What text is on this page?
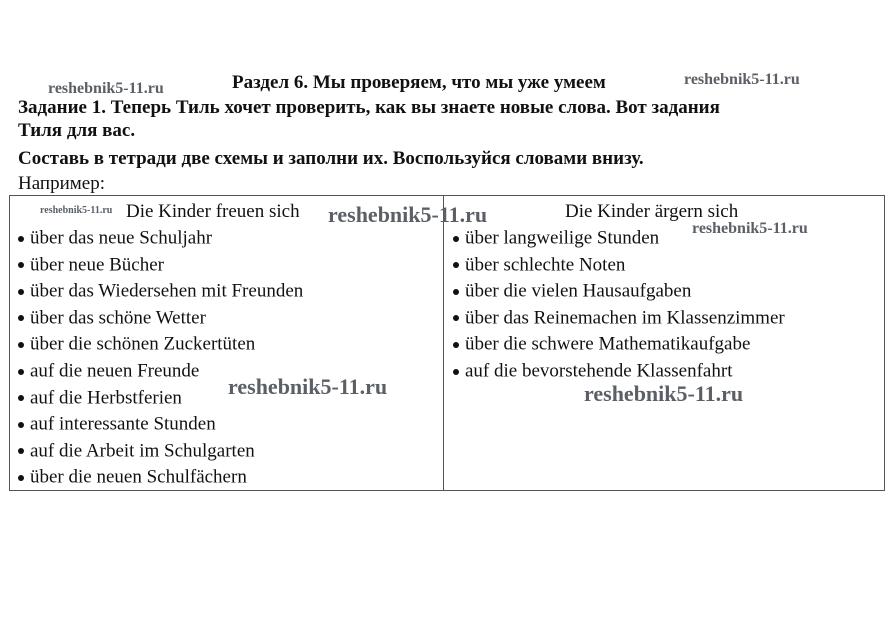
Раздел 6. Мы проверяем, что мы уже умеем
Задание 1. Теперь Тиль хочет проверить, как вы знаете новые слова. Вот задания
Тиля для вас.
Составь в тетради две схемы и заполни их. Воспользуйся словами внизу.
Например:
Die Kinder freuen sich
über das neue Schuljahr
über neue Bücher
über das Wiedersehen mit Freunden
über das schöne Wetter
über die schönen Zuckertüten
auf die neuen Freunde
auf die Herbstferien
auf interessante Stunden
auf die Arbeit im Schulgarten
über die neuen Schulfächern
Die Kinder ärgern sich
über langweilige Stunden
über schlechte Noten
über die vielen Hausaufgaben
über das Reinemachen im Klassenzimmer
über die schwere Mathematikaufgabe
auf die bevorstehende Klassenfahrt
reshebnik5-11.ru
reshebnik5-11.ru
reshebnik5-11.ru	reshebnik5-11.ru
reshebnik5-11.ru
reshebnik5-11.ru	reshebnik5-11.ru
